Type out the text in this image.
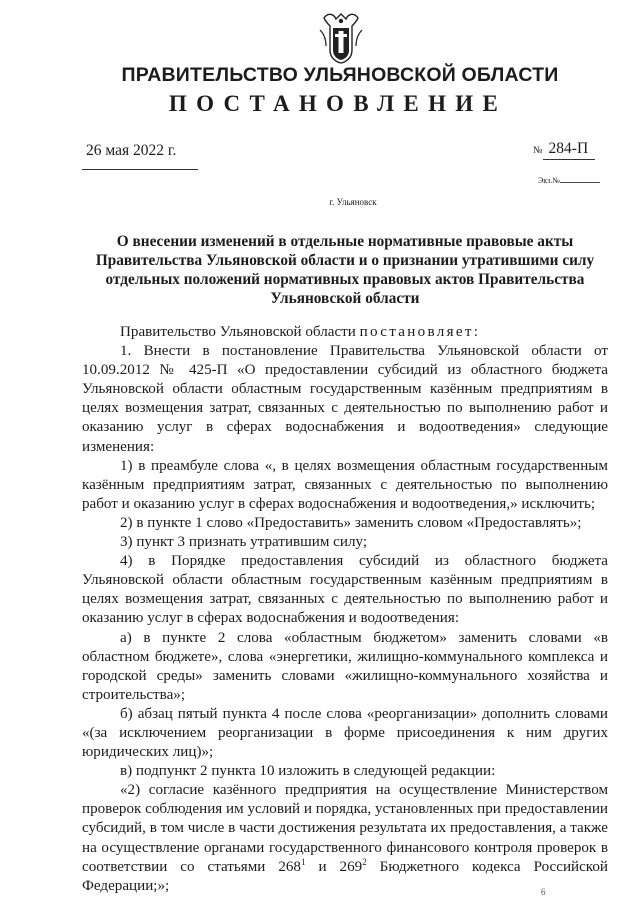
ПРАВИТЕЛЬСТВО УЛЬЯНОВСКОЙ ОБЛАСТИ
ПОСТАНОВЛЕНИЕ
26 мая 2022 г.	№ 284-П
Экз.№
г. Ульяновск
О внесении изменений в отдельные нормативные правовые акты Правительства Ульяновской области и о признании утратившими силу отдельных положений нормативных правовых актов Правительства Ульяновской области

Правительство Ульяновской области постановляет:

1. Внести в постановление Правительства Ульяновской области от 10.09.2012 № 425-П «О предоставлении субсидий из областного бюджета Ульяновской области областным государственным казённым предприятиям в целях возмещения затрат, связанных с деятельностью по выполнению работ и оказанию услуг в сферах водоснабжения и водоотведения» следующие изменения:

1) в преамбуле слова «, в целях возмещения областным государственным казённым предприятиям затрат, связанных с деятельностью по выполнению работ и оказанию услуг в сферах водоснабжения и водоотведения,» исключить;

2) в пункте 1 слово «Предоставить» заменить словом «Предоставлять»;

3) пункт 3 признать утратившим силу;

4) в Порядке предоставления субсидий из областного бюджета Ульяновской области областным государственным казённым предприятиям в целях возмещения затрат, связанных с деятельностью по выполнению работ и оказанию услуг в сферах водоснабжения и водоотведения:

а) в пункте 2 слова «областным бюджетом» заменить словами «в областном бюджете», слова «энергетики, жилищно-коммунального комплекса и городской среды» заменить словами «жилищно-коммунального хозяйства и строительства»;

б) абзац пятый пункта 4 после слова «реорганизации» дополнить словами «(за исключением реорганизации в форме присоединения к ним других юридических лиц)»;

в) подпункт 2 пункта 10 изложить в следующей редакции:

«2) согласие казённого предприятия на осуществление Министерством проверок соблюдения им условий и порядка, установленных при предоставлении субсидий, в том числе в части достижения результата их предоставления, а также на осуществление органами государственного финансового контроля проверок в соответствии со статьями $268^1$ и $269^2$ Бюджетного кодекса Российской Федерации;»;	6
